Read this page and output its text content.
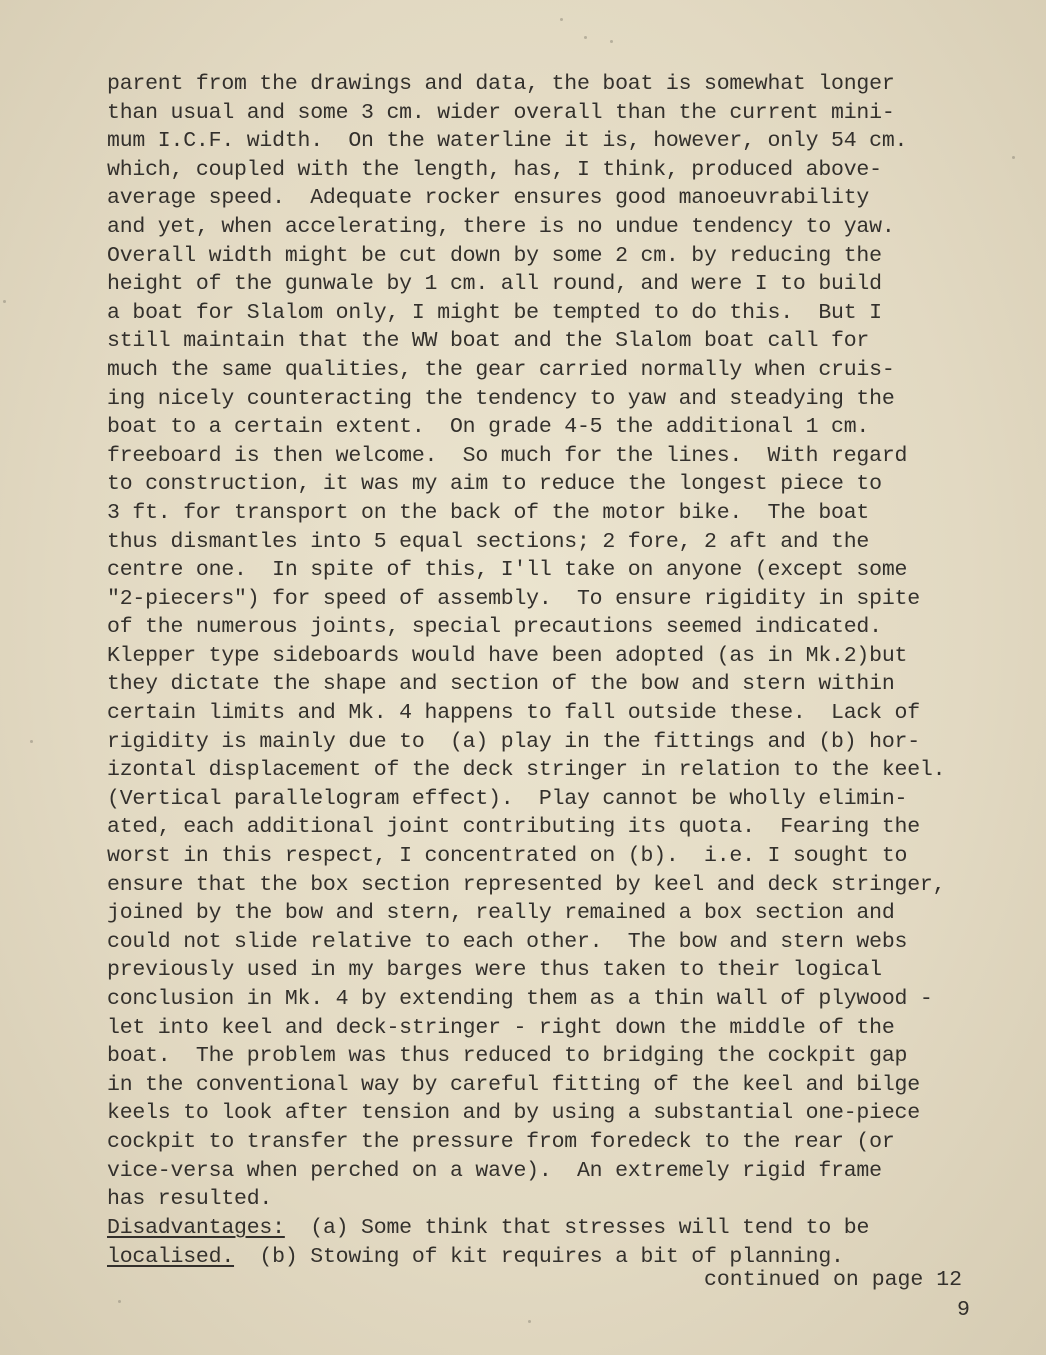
parent from the drawings and data, the boat is somewhat longer
than usual and some 3 cm. wider overall than the current mini-
mum I.C.F. width.  On the waterline it is, however, only 54 cm.
which, coupled with the length, has, I think, produced above-
average speed.  Adequate rocker ensures good manoeuvrability
and yet, when accelerating, there is no undue tendency to yaw.
Overall width might be cut down by some 2 cm. by reducing the
height of the gunwale by 1 cm. all round, and were I to build
a boat for Slalom only, I might be tempted to do this.  But I
still maintain that the WW boat and the Slalom boat call for
much the same qualities, the gear carried normally when cruis-
ing nicely counteracting the tendency to yaw and steadying the
boat to a certain extent.  On grade 4-5 the additional 1 cm.
freeboard is then welcome.  So much for the lines.  With regard
to construction, it was my aim to reduce the longest piece to
3 ft. for transport on the back of the motor bike.  The boat
thus dismantles into 5 equal sections; 2 fore, 2 aft and the
centre one.  In spite of this, I'll take on anyone (except some
"2-piecers") for speed of assembly.  To ensure rigidity in spite
of the numerous joints, special precautions seemed indicated.
Klepper type sideboards would have been adopted (as in Mk.2)but
they dictate the shape and section of the bow and stern within
certain limits and Mk. 4 happens to fall outside these.  Lack of
rigidity is mainly due to  (a) play in the fittings and (b) hor-
izontal displacement of the deck stringer in relation to the keel.
(Vertical parallelogram effect).  Play cannot be wholly elimin-
ated, each additional joint contributing its quota.  Fearing the
worst in this respect, I concentrated on (b).  i.e. I sought to
ensure that the box section represented by keel and deck stringer,
joined by the bow and stern, really remained a box section and
could not slide relative to each other.  The bow and stern webs
previously used in my barges were thus taken to their logical
conclusion in Mk. 4 by extending them as a thin wall of plywood -
let into keel and deck-stringer - right down the middle of the
boat.  The problem was thus reduced to bridging the cockpit gap
in the conventional way by careful fitting of the keel and bilge
keels to look after tension and by using a substantial one-piece
cockpit to transfer the pressure from foredeck to the rear (or
vice-versa when perched on a wave).  An extremely rigid frame
has resulted.
Disadvantages:  (a) Some think that stresses will tend to be
localised.  (b) Stowing of kit requires a bit of planning.
continued on page 12
9
